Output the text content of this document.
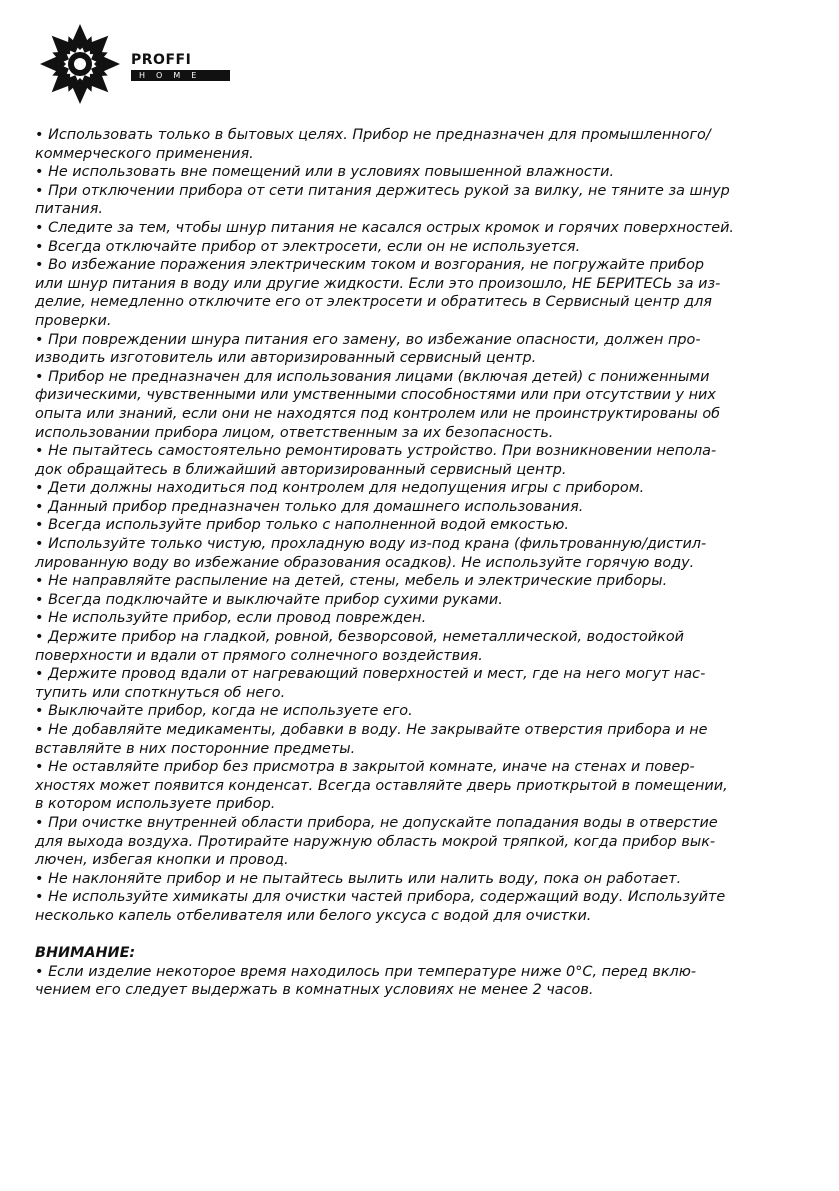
PROFFI
HOME
• Использовать только в бытовых целях. Прибор не предназначен для промышленного/
коммерческого применения.
• Не использовать вне помещений или в условиях повышенной влажности.
• При отключении прибора от сети питания держитесь рукой за вилку, не тяните за шнур
питания.
• Следите за тем, чтобы шнур питания не касался острых кромок и горячих поверхностей.
• Всегда отключайте прибор от электросети, если он не используется.
• Во избежание поражения электрическим током и возгорания, не погружайте прибор
или шнур питания в воду или другие жидкости. Если это произошло, НЕ БЕРИТЕСЬ за из-
делие, немедленно отключите его от электросети и обратитесь в Сервисный центр для
проверки.
• При повреждении шнура питания его замену, во избежание опасности, должен про-
изводить изготовитель или авторизированный сервисный центр.
• Прибор не предназначен для использования лицами (включая детей) с пониженными
физическими, чувственными или умственными способностями или при отсутствии у них
опыта или знаний, если они не находятся под контролем или не проинструктированы об
использовании прибора лицом, ответственным за их безопасность.
• Не пытайтесь самостоятельно ремонтировать устройство. При возникновении непола-
док обращайтесь в ближайший авторизированный сервисный центр.
• Дети должны находиться под контролем для недопущения игры с прибором.
• Данный прибор предназначен только для домашнего использования.
• Всегда используйте прибор только с наполненной водой емкостью.
• Используйте только чистую, прохладную воду из-под крана (фильтрованную/дистил-
лированную воду во избежание образования осадков). Не используйте горячую воду.
• Не направляйте распыление на детей, стены, мебель и электрические приборы.
• Всегда подключайте и выключайте прибор сухими руками.
• Не используйте прибор, если провод поврежден.
• Держите прибор на гладкой, ровной, безворсовой, неметаллической, водостойкой
поверхности и вдали от прямого солнечного воздействия.
• Держите провод вдали от нагревающий поверхностей и мест, где на него могут нас-
тупить или споткнуться об него.
• Выключайте прибор, когда не используете его.
• Не добавляйте медикаменты, добавки в воду. Не закрывайте отверстия прибора и не
вставляйте в них посторонние предметы.
• Не оставляйте прибор без присмотра в закрытой комнате, иначе на стенах и повер-
хностях может появится конденсат. Всегда оставляйте дверь приоткрытой в помещении,
в котором используете прибор.
• При очистке внутренней области прибора, не допускайте попадания воды в отверстие
для выхода воздуха. Протирайте наружную область мокрой тряпкой, когда прибор вык-
лючен, избегая кнопки и провод.
• Не наклоняйте прибор и не пытайтесь вылить или налить воду, пока он работает.
• Не используйте химикаты для очистки частей прибора, содержащий воду. Используйте
несколько капель отбеливателя или белого уксуса с водой для очистки.
ВНИМАНИЕ:
• Если изделие некоторое время находилось при температуре ниже 0°С, перед вклю-
чением его следует выдержать в комнатных условиях не менее 2 часов.
